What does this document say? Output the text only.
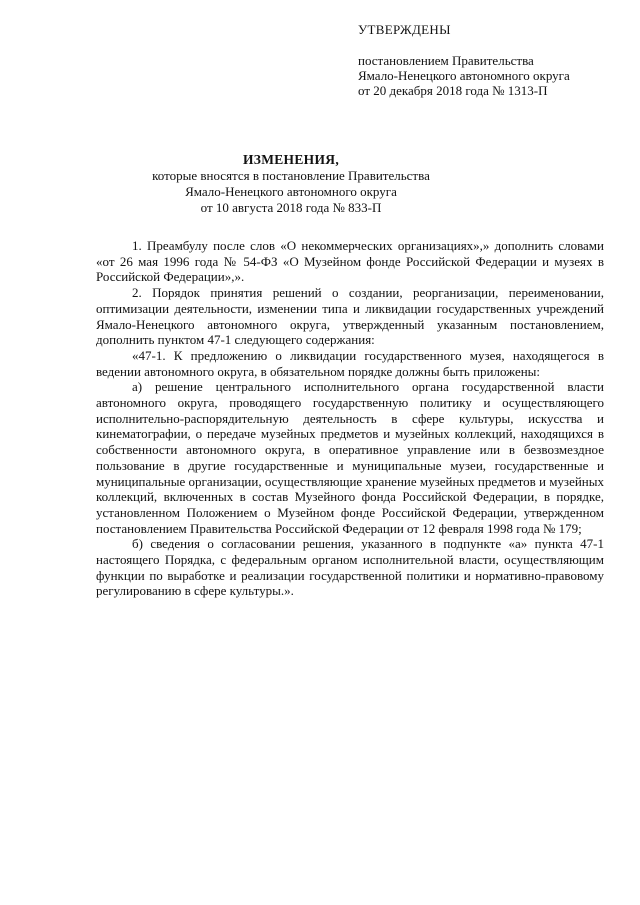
УТВЕРЖДЕНЫ
постановлением Правительства
Ямало-Ненецкого автономного округа
от 20 декабря 2018 года № 1313-П
ИЗМЕНЕНИЯ,
которые вносятся в постановление Правительства
Ямало-Ненецкого автономного округа
от 10 августа 2018 года № 833-П

1. Преамбулу после слов «О некоммерческих организациях»,» дополнить словами «от 26 мая 1996 года № 54-ФЗ «О Музейном фонде Российской Федерации и музеях в Российской Федерации»,».

2. Порядок принятия решений о создании, реорганизации, переименовании, оптимизации деятельности, изменении типа и ликвидации государственных учреждений Ямало-Ненецкого автономного округа, утвержденный указанным постановлением, дополнить пунктом 47-1 следующего содержания:

«47-1. К предложению о ликвидации государственного музея, находящегося в ведении автономного округа, в обязательном порядке должны быть приложены:

а) решение центрального исполнительного органа государственной власти автономного округа, проводящего государственную политику и осуществляющего исполнительно-распорядительную деятельность в сфере культуры, искусства и кинематографии, о передаче музейных предметов и музейных коллекций, находящихся в собственности автономного округа, в оперативное управление или в безвозмездное пользование в другие государственные и муниципальные музеи, государственные и муниципальные организации, осуществляющие хранение музейных предметов и музейных коллекций, включенных в состав Музейного фонда Российской Федерации, в порядке, установленном Положением о Музейном фонде Российской Федерации, утвержденном постановлением Правительства Российской Федерации от 12 февраля 1998 года № 179;

б) сведения о согласовании решения, указанного в подпункте «а» пункта 47-1 настоящего Порядка, с федеральным органом исполнительной власти, осуществляющим функции по выработке и реализации государственной политики и нормативно-правовому регулированию в сфере культуры.».
